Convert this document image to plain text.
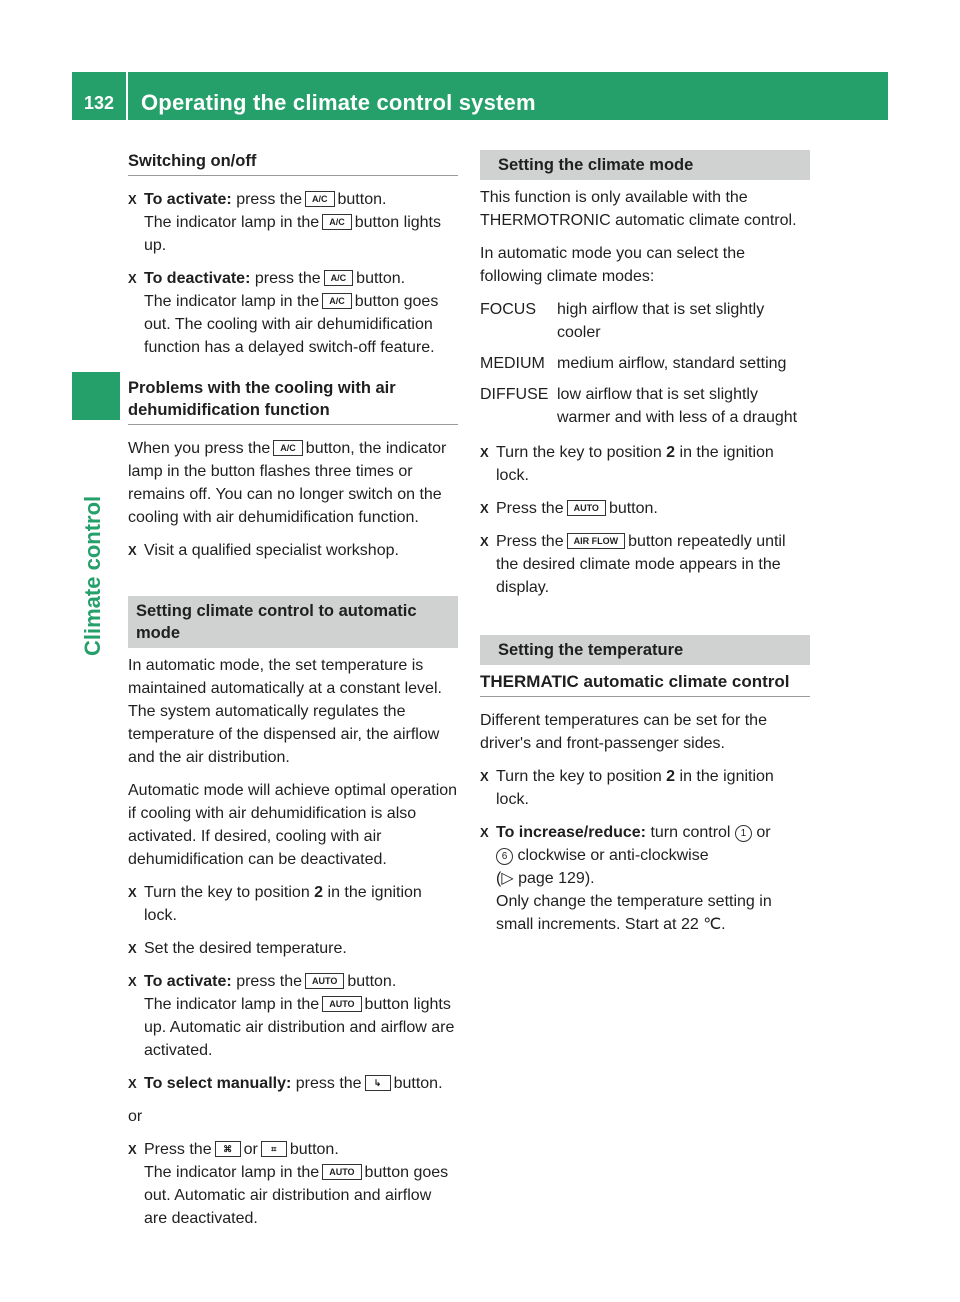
132 Operating the climate control system
Climate control
Switching on/off
X To activate: press the A/C button.
The indicator lamp in the A/C button lights up.
X To deactivate: press the A/C button.
The indicator lamp in the A/C button goes out. The cooling with air dehumidification function has a delayed switch-off feature.
Problems with the cooling with air dehumidification function

When you press the A/C button, the indicator lamp in the button flashes three times or remains off. You can no longer switch on the cooling with air dehumidification function.

X Visit a qualified specialist workshop.
Setting climate control to automatic mode

In automatic mode, the set temperature is maintained automatically at a constant level. The system automatically regulates the temperature of the dispensed air, the airflow and the air distribution.

Automatic mode will achieve optimal operation if cooling with air dehumidification is also activated. If desired, cooling with air dehumidification can be deactivated.

X Turn the key to position 2 in the ignition lock.
X Set the desired temperature.
X To activate: press the AUTO button.
The indicator lamp in the AUTO button lights up. Automatic air distribution and airflow are activated.
X To select manually: press the ↳ button.

or

X Press the ⌘ or ⌗ button.
The indicator lamp in the AUTO button goes out. Automatic air distribution and airflow are deactivated.
Setting the climate mode

This function is only available with the THERMOTRONIC automatic climate control.

In automatic mode you can select the following climate modes:

FOCUS	high airflow that is set slightly cooler
MEDIUM medium airflow, standard setting
DIFFUSE low airflow that is set slightly warmer and with less of a draught
X Turn the key to position 2 in the ignition lock.
X Press the AUTO button.
X Press the AIR FLOW button repeatedly until the desired climate mode appears in the display.
Setting the temperature
THERMATIC automatic climate control

Different temperatures can be set for the driver's and front-passenger sides.

X Turn the key to position 2 in the ignition lock.
X To increase/reduce: turn control 1 or
6 clockwise or anti-clockwise
(▷ page 129).
Only change the temperature setting in small increments. Start at 22 ℃.
